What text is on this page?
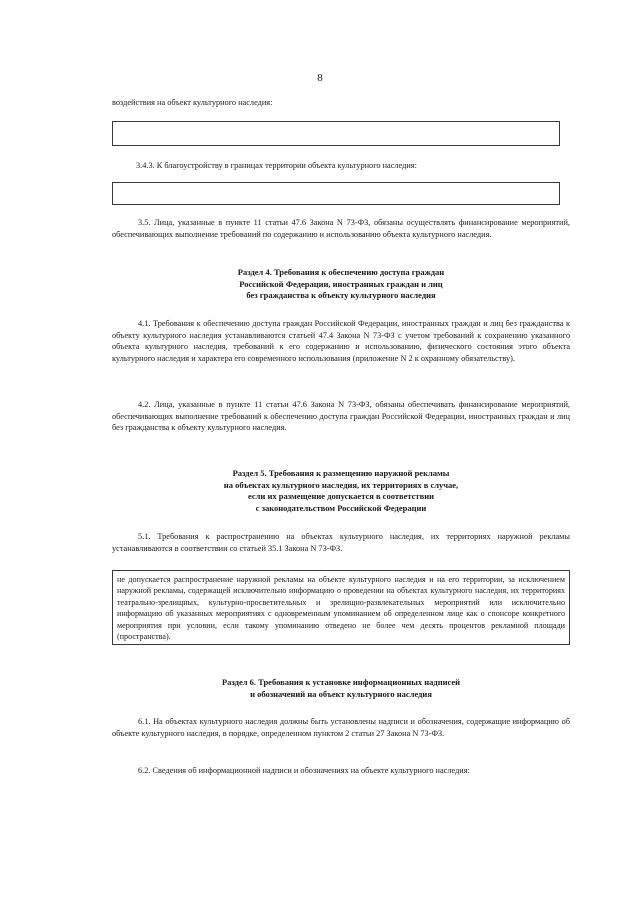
8
воздействия на объект культурного наследия:
3.4.3. К благоустройству в границах территории объекта культурного наследия:
3.5. Лица, указанные в пункте 11 статьи 47.6 Закона N 73-ФЗ, обязаны осуществлять финансирование мероприятий, обеспечивающих выполнение требований по содержанию и использованию объекта культурного наследия.
Раздел 4. Требования к обеспечению доступа граждан
Российской Федерации, иностранных граждан и лиц
без гражданства к объекту культурного наследия
4.1. Требования к обеспечению доступа граждан Российской Федерации, иностранных граждан и лиц без гражданства к объекту культурного наследия устанавливаются статьей 47.4 Закона N 73-ФЗ с учетом требований к сохранению указанного объекта культурного наследия, требований к его содержанию и использованию, физического состояния этого объекта культурного наследия и характера его современного использования (приложение N 2 к охранному обязательству).
4.2. Лица, указанные в пункте 11 статьи 47.6 Закона N 73-ФЗ, обязаны обеспечивать финансирование мероприятий, обеспечивающих выполнение требований к обеспечению доступа граждан Российской Федерации, иностранных граждан и лиц без гражданства к объекту культурного наследия.
Раздел 5. Требования к размещению наружной рекламы
на объектах культурного наследия, их территориях в случае,
если их размещение допускается в соответствии
с законодательством Российской Федерации
5.1. Требования к распространению на объектах культурного наследия, их территориях наружной рекламы устанавливаются в соответствии со статьей 35.1 Закона N 73-ФЗ.
не допускается распространение наружной рекламы на объекте культурного наследия и на его территории, за исключением наружной рекламы, содержащей исключительно информацию о проведении на объектах культурного наследия, их территориях театрально-зрелищных, культурно-просветительных и зрелищно-развлекательных мероприятий или исключительно информацию об указанных мероприятиях с одновременным упоминанием об определенном лице как о спонсоре конкретного мероприятия при условии, если такому упоминанию отведено не более чем десять процентов рекламной площади (пространства).
Раздел 6. Требования к установке информационных надписей
и обозначений на объект культурного наследия
6.1. На объектах культурного наследия должны быть установлены надписи и обозначения, содержащие информацию об объекте культурного наследия, в порядке, определенном пунктом 2 статьи 27 Закона N 73-ФЗ.
6.2. Сведения об информационной надписи и обозначениях на объекте культурного наследия:
